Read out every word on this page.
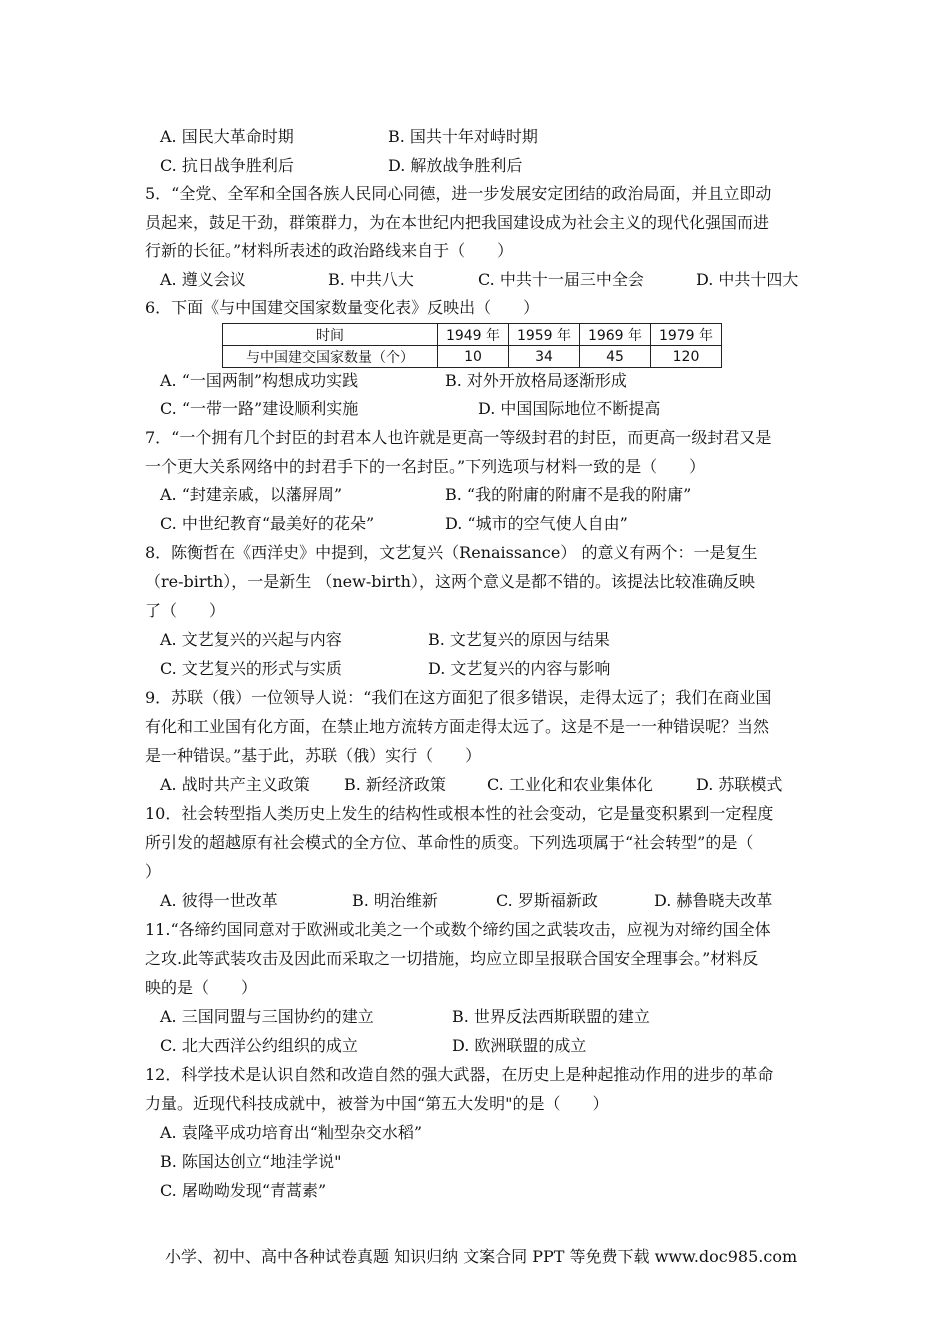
A. 国民大革命时期	B. 国共十年对峙时期
C. 抗日战争胜利后	D. 解放战争胜利后
5．“全党、全军和全国各族人民同心同德，进一步发展安定团结的政治局面，并且立即动
员起来，鼓足干劲，群策群力，为在本世纪内把我国建设成为社会主义的现代化强国而进
行新的长征。”材料所表述的政治路线来自于（　　）
A. 遵义会议	B. 中共八大	C. 中共十一届三中全会	D. 中共十四大
6．下面《与中国建交国家数量变化表》反映出（　　）
时间	1949 年	1959 年	1969 年	1979 年
与中国建交国家数量（个）	10	34	45	120
A. “一国两制”构想成功实践	B. 对外开放格局逐渐形成
C. “一带一路”建设顺利实施	D. 中国国际地位不断提高
7．“一个拥有几个封臣的封君本人也许就是更高一等级封君的封臣，而更高一级封君又是
一个更大关系网络中的封君手下的一名封臣。”下列选项与材料一致的是（　　）
A. “封建亲戚，以藩屏周”	B. “我的附庸的附庸不是我的附庸”
C. 中世纪教育“最美好的花朵”	D. “城市的空气使人自由”
8．陈衡哲在《西洋史》中提到，文艺复兴（Renaissance） 的意义有两个：一是复生
（re-birth），一是新生 （new-birth），这两个意义是都不错的。该提法比较准确反映
了（　　）
A. 文艺复兴的兴起与内容	B. 文艺复兴的原因与结果
C. 文艺复兴的形式与实质	D. 文艺复兴的内容与影响
9．苏联（俄）一位领导人说：“我们在这方面犯了很多错误，走得太远了；我们在商业国
有化和工业国有化方面，在禁止地方流转方面走得太远了。这是不是一一种错误呢？当然
是一种错误。”基于此，苏联（俄）实行（　　）
A. 战时共产主义政策 B. 新经济政策	C. 工业化和农业集体化	D. 苏联模式
10．社会转型指人类历史上发生的结构性或根本性的社会变动，它是量变积累到一定程度
所引发的超越原有社会模式的全方位、革命性的质变。下列选项属于“社会转型”的是（
）
A. 彼得一世改革	B. 明治维新	C. 罗斯福新政	D. 赫鲁晓夫改革
11.“各缔约国同意对于欧洲或北美之一个或数个缔约国之武装攻击，应视为对缔约国全体
之攻.此等武装攻击及因此而采取之一切措施，均应立即呈报联合国安全理事会。”材料反
映的是（　　）
A. 三国同盟与三国协约的建立	B. 世界反法西斯联盟的建立
C. 北大西洋公约组织的成立	D. 欧洲联盟的成立
12．科学技术是认识自然和改造自然的强大武器，在历史上是种起推动作用的进步的革命
力量。近现代科技成就中，被誉为中国“第五大发明"的是（　　）
A. 袁隆平成功培育出“籼型杂交水稻”
B. 陈国达创立“地洼学说"
C. 屠呦呦发现“青蒿素”
小学、初中、高中各种试卷真题 知识归纳 文案合同 PPT 等免费下载 www.doc985.com
